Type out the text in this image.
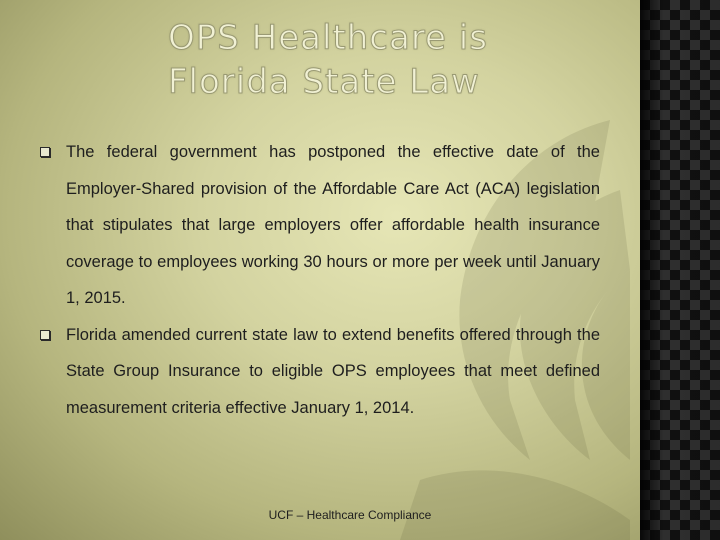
OPS Healthcare is
Florida State Law
The federal government has postponed the effective date of the Employer-Shared provision of the Affordable Care Act (ACA) legislation that stipulates that large employers offer affordable health insurance coverage to employees working 30 hours or more per week until January 1, 2015.
Florida amended current state law to extend benefits offered through the State Group Insurance to eligible OPS employees that meet defined measurement criteria effective January 1, 2014.
UCF – Healthcare Compliance
